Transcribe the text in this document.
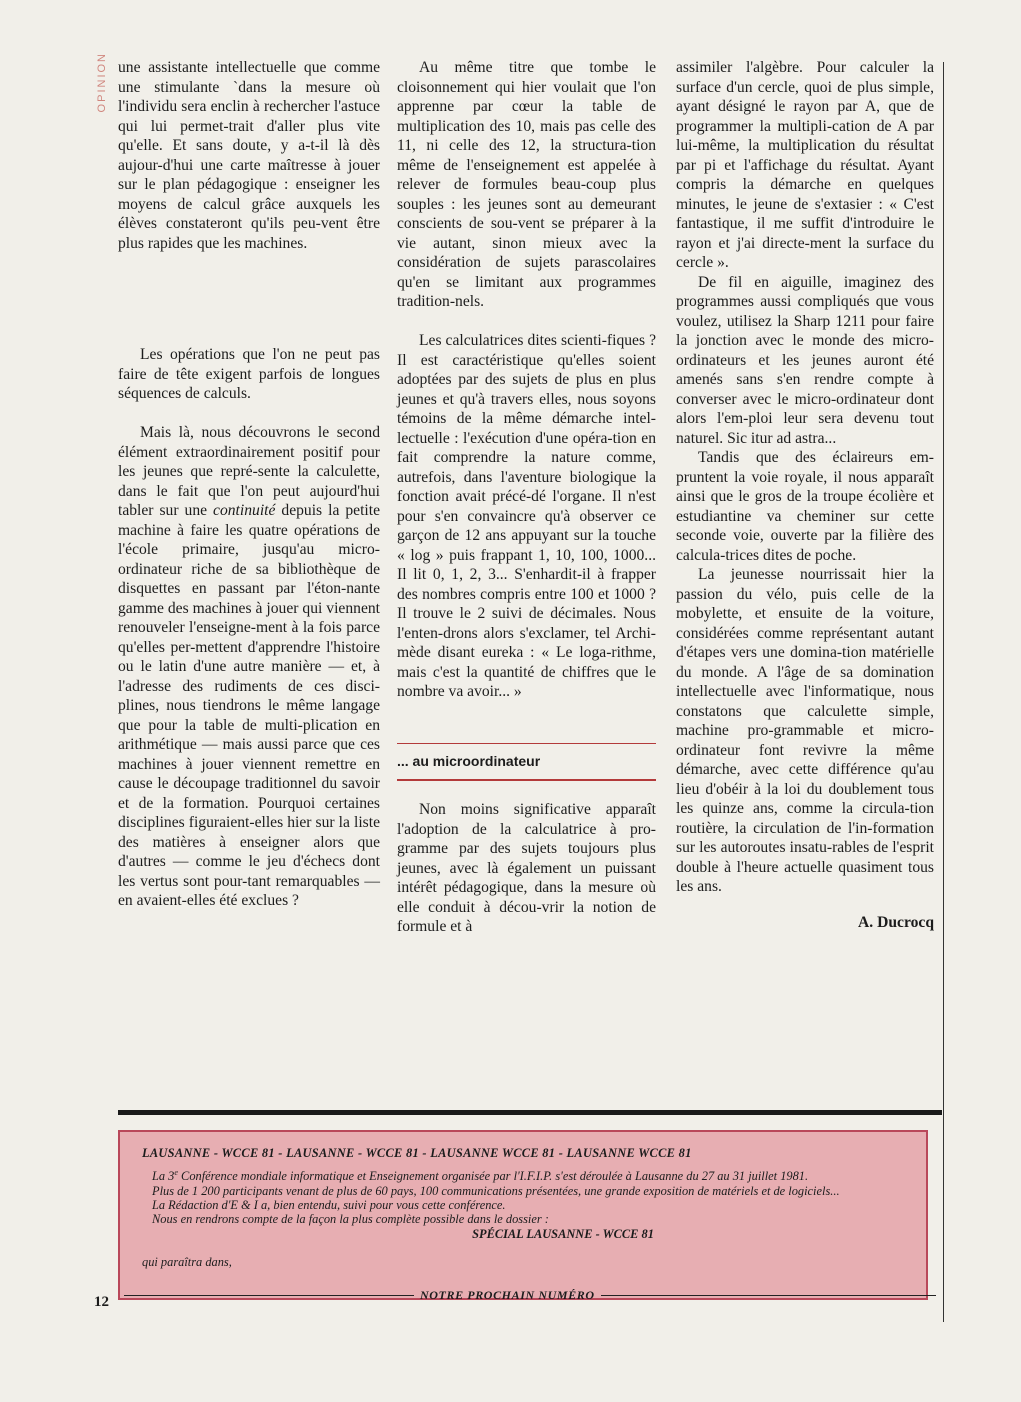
OPINION une assistante intellectuelle que comme une stimulante `dans la mesure où l'individu sera enclin à rechercher l'astuce qui lui permet-trait d'aller plus vite qu'elle. Et sans doute, y a-t-il là dès aujour-d'hui une carte maîtresse à jouer sur le plan pédagogique : enseigner les moyens de calcul grâce auxquels les élèves constateront qu'ils peu-vent être plus rapides que les machines.

Les opérations que l'on ne peut pas faire de tête exigent parfois de longues séquences de calculs.

Mais là, nous découvrons le second élément extraordinairement positif pour les jeunes que repré-sente la calculette, dans le fait que l'on peut aujourd'hui tabler sur une continuité depuis la petite machine à faire les quatre opérations de l'école primaire, jusqu'au micro-ordinateur riche de sa bibliothèque de disquettes en passant par l'éton-nante gamme des machines à jouer qui viennent renouveler l'enseigne-ment à la fois parce qu'elles per-mettent d'apprendre l'histoire ou le latin d'une autre manière — et, à l'adresse des rudiments de ces disci-plines, nous tiendrons le même langage que pour la table de multi-plication en arithmétique — mais aussi parce que ces machines à jouer viennent remettre en cause le découpage traditionnel du savoir et de la formation. Pourquoi certaines disciplines figuraient-elles hier sur la liste des matières à enseigner alors que d'autres — comme le jeu d'échecs dont les vertus sont pour-tant remarquables — en avaient-elles été exclues ?

Au même titre que tombe le cloisonnement qui hier voulait que l'on apprenne par cœur la table de multiplication des 10, mais pas celle des 11, ni celle des 12, la structura-tion même de l'enseignement est appelée à relever de formules beau-coup plus souples : les jeunes sont au demeurant conscients de sou-vent se préparer à la vie autant, sinon mieux avec la considération de sujets parascolaires qu'en se limitant aux programmes tradition-nels.

Les calculatrices dites scienti-fiques ? Il est caractéristique qu'elles soient adoptées par des sujets de plus en plus jeunes et qu'à travers elles, nous soyons témoins de la même démarche intel-lectuelle : l'exécution d'une opéra-tion en fait comprendre la nature comme, autrefois, dans l'aventure biologique la fonction avait précé-dé l'organe. Il n'est pour s'en convaincre qu'à observer ce garçon de 12 ans appuyant sur la touche « log » puis frappant 1, 10, 100, 1000... Il lit 0, 1, 2, 3... S'enhardit-il à frapper des nombres compris entre 100 et 1000 ? Il trouve le 2 suivi de décimales. Nous l'enten-drons alors s'exclamer, tel Archi-mède disant eureka : « Le loga-rithme, mais c'est la quantité de chiffres que le nombre va avoir... »

... au microordinateur

Non moins significative apparaît l'adoption de la calculatrice à pro-gramme par des sujets toujours plus jeunes, avec là également un puissant intérêt pédagogique, dans la mesure où elle conduit à décou-vrir la notion de formule et à

assimiler l'algèbre. Pour calculer la surface d'un cercle, quoi de plus simple, ayant désigné le rayon par A, que de programmer la multipli-cation de A par lui-même, la multiplication du résultat par pi et l'affichage du résultat. Ayant compris la démarche en quelques minutes, le jeune de s'extasier : « C'est fantastique, il me suffit d'introduire le rayon et j'ai directe-ment la surface du cercle ».

De fil en aiguille, imaginez des programmes aussi compliqués que vous voulez, utilisez la Sharp 1211 pour faire la jonction avec le monde des micro-ordinateurs et les jeunes auront été amenés sans s'en rendre compte à converser avec le micro-ordinateur dont alors l'em-ploi leur sera devenu tout naturel. Sic itur ad astra...

Tandis que des éclaireurs em-pruntent la voie royale, il nous apparaît ainsi que le gros de la troupe écolière et estudiantine va cheminer sur cette seconde voie, ouverte par la filière des calcula-trices dites de poche.

La jeunesse nourrissait hier la passion du vélo, puis celle de la mobylette, et ensuite de la voiture, considérées comme représentant autant d'étapes vers une domina-tion matérielle du monde. A l'âge de sa domination intellectuelle avec l'informatique, nous constatons que calculette simple, machine pro-grammable et micro-ordinateur font revivre la même démarche, avec cette différence qu'au lieu d'obéir à la loi du doublement tous les quinze ans, comme la circula-tion routière, la circulation de l'in-formation sur les autoroutes insatu-rables de l'esprit double à l'heure actuelle quasiment tous les ans.

A. Ducrocq

LAUSANNE - WCCE 81 - LAUSANNE - WCCE 81 - LAUSANNE WCCE 81 - LAUSANNE WCCE 81
La 3e Conférence mondiale informatique et Enseignement organisée par l'I.F.I.P. s'est déroulée à Lausanne du 27 au 31 juillet 1981.
Plus de 1 200 participants venant de plus de 60 pays, 100 communications présentées, une grande exposition de matériels et de logiciels...
La Rédaction d'E & I a, bien entendu, suivi pour vous cette conférence.
Nous en rendrons compte de la façon la plus complète possible dans le dossier :
SPÉCIAL LAUSANNE - WCCE 81
qui paraîtra dans,
12	NOTRE PROCHAIN NUMÉRO
